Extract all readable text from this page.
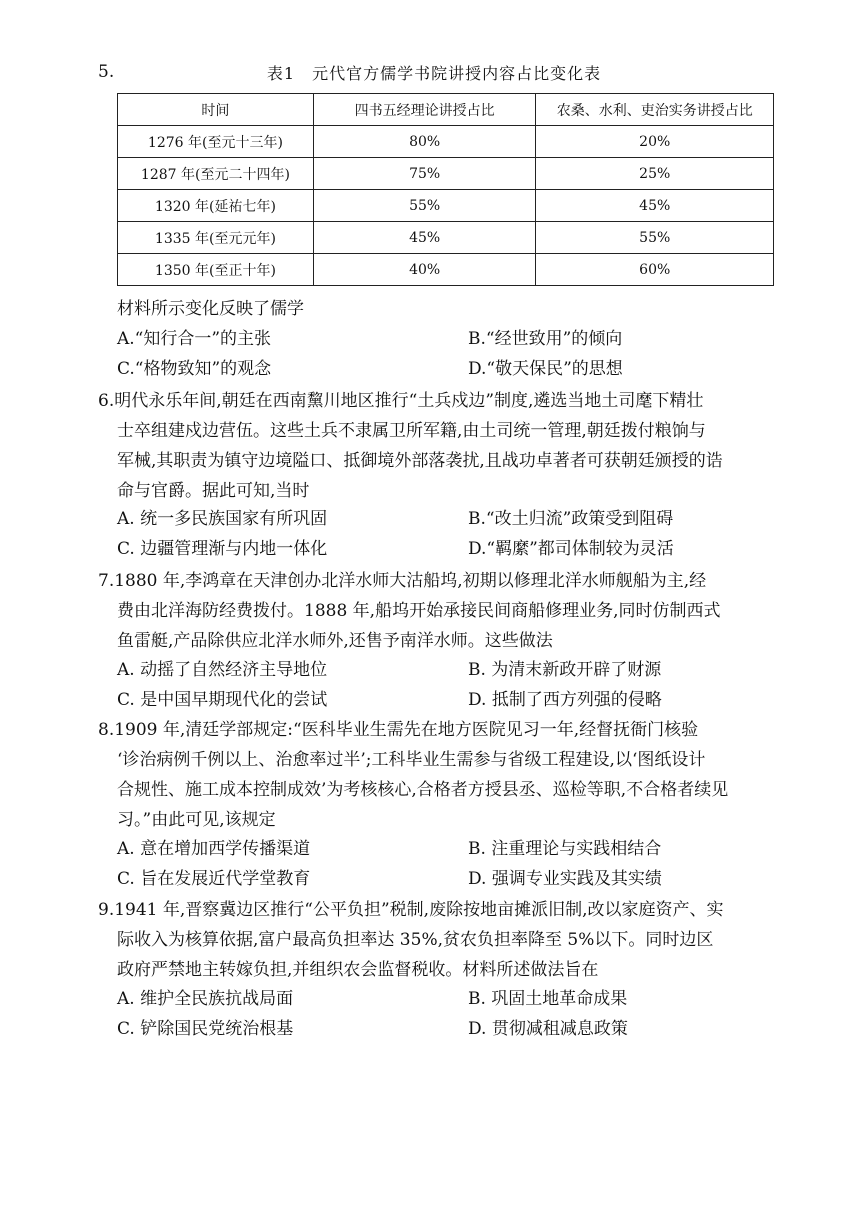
5.	表1　元代官方儒学书院讲授内容占比变化表
时间	四书五经理论讲授占比	农桑、水利、吏治实务讲授占比
1276 年(至元十三年)	80%	20%
1287 年(至元二十四年)	75%	25%
1320 年(延祐七年)	55%	45%
1335 年(至元元年)	45%	55%
1350 年(至正十年)	40%	60%
材料所示变化反映了儒学
A.“知行合一”的主张	B.“经世致用”的倾向
C.“格物致知”的观念	D.“敬天保民”的思想
6.明代永乐年间,朝廷在西南黧川地区推行“土兵戍边”制度,遴选当地土司麾下精壮
士卒组建戍边营伍。这些土兵不隶属卫所军籍,由土司统一管理,朝廷拨付粮饷与
军械,其职责为镇守边境隘口、抵御境外部落袭扰,且战功卓著者可获朝廷颁授的诰
命与官爵。据此可知,当时
A. 统一多民族国家有所巩固	B.“改土归流”政策受到阻碍
C. 边疆管理渐与内地一体化	D.“羁縻”都司体制较为灵活
7.1880 年,李鸿章在天津创办北洋水师大沽船坞,初期以修理北洋水师舰船为主,经
费由北洋海防经费拨付。1888 年,船坞开始承接民间商船修理业务,同时仿制西式
鱼雷艇,产品除供应北洋水师外,还售予南洋水师。这些做法
A. 动摇了自然经济主导地位	B. 为清末新政开辟了财源
C. 是中国早期现代化的尝试	D. 抵制了西方列强的侵略
8.1909 年,清廷学部规定:“医科毕业生需先在地方医院见习一年,经督抚衙门核验
‘诊治病例千例以上、治愈率过半’;工科毕业生需参与省级工程建设,以‘图纸设计
合规性、施工成本控制成效’为考核核心,合格者方授县丞、巡检等职,不合格者续见
习。”由此可见,该规定
A. 意在增加西学传播渠道	B. 注重理论与实践相结合
C. 旨在发展近代学堂教育	D. 强调专业实践及其实绩
9.1941 年,晋察冀边区推行“公平负担”税制,废除按地亩摊派旧制,改以家庭资产、实
际收入为核算依据,富户最高负担率达 35%,贫农负担率降至 5%以下。同时边区
政府严禁地主转嫁负担,并组织农会监督税收。材料所述做法旨在
A. 维护全民族抗战局面	B. 巩固土地革命成果
C. 铲除国民党统治根基	D. 贯彻减租减息政策
